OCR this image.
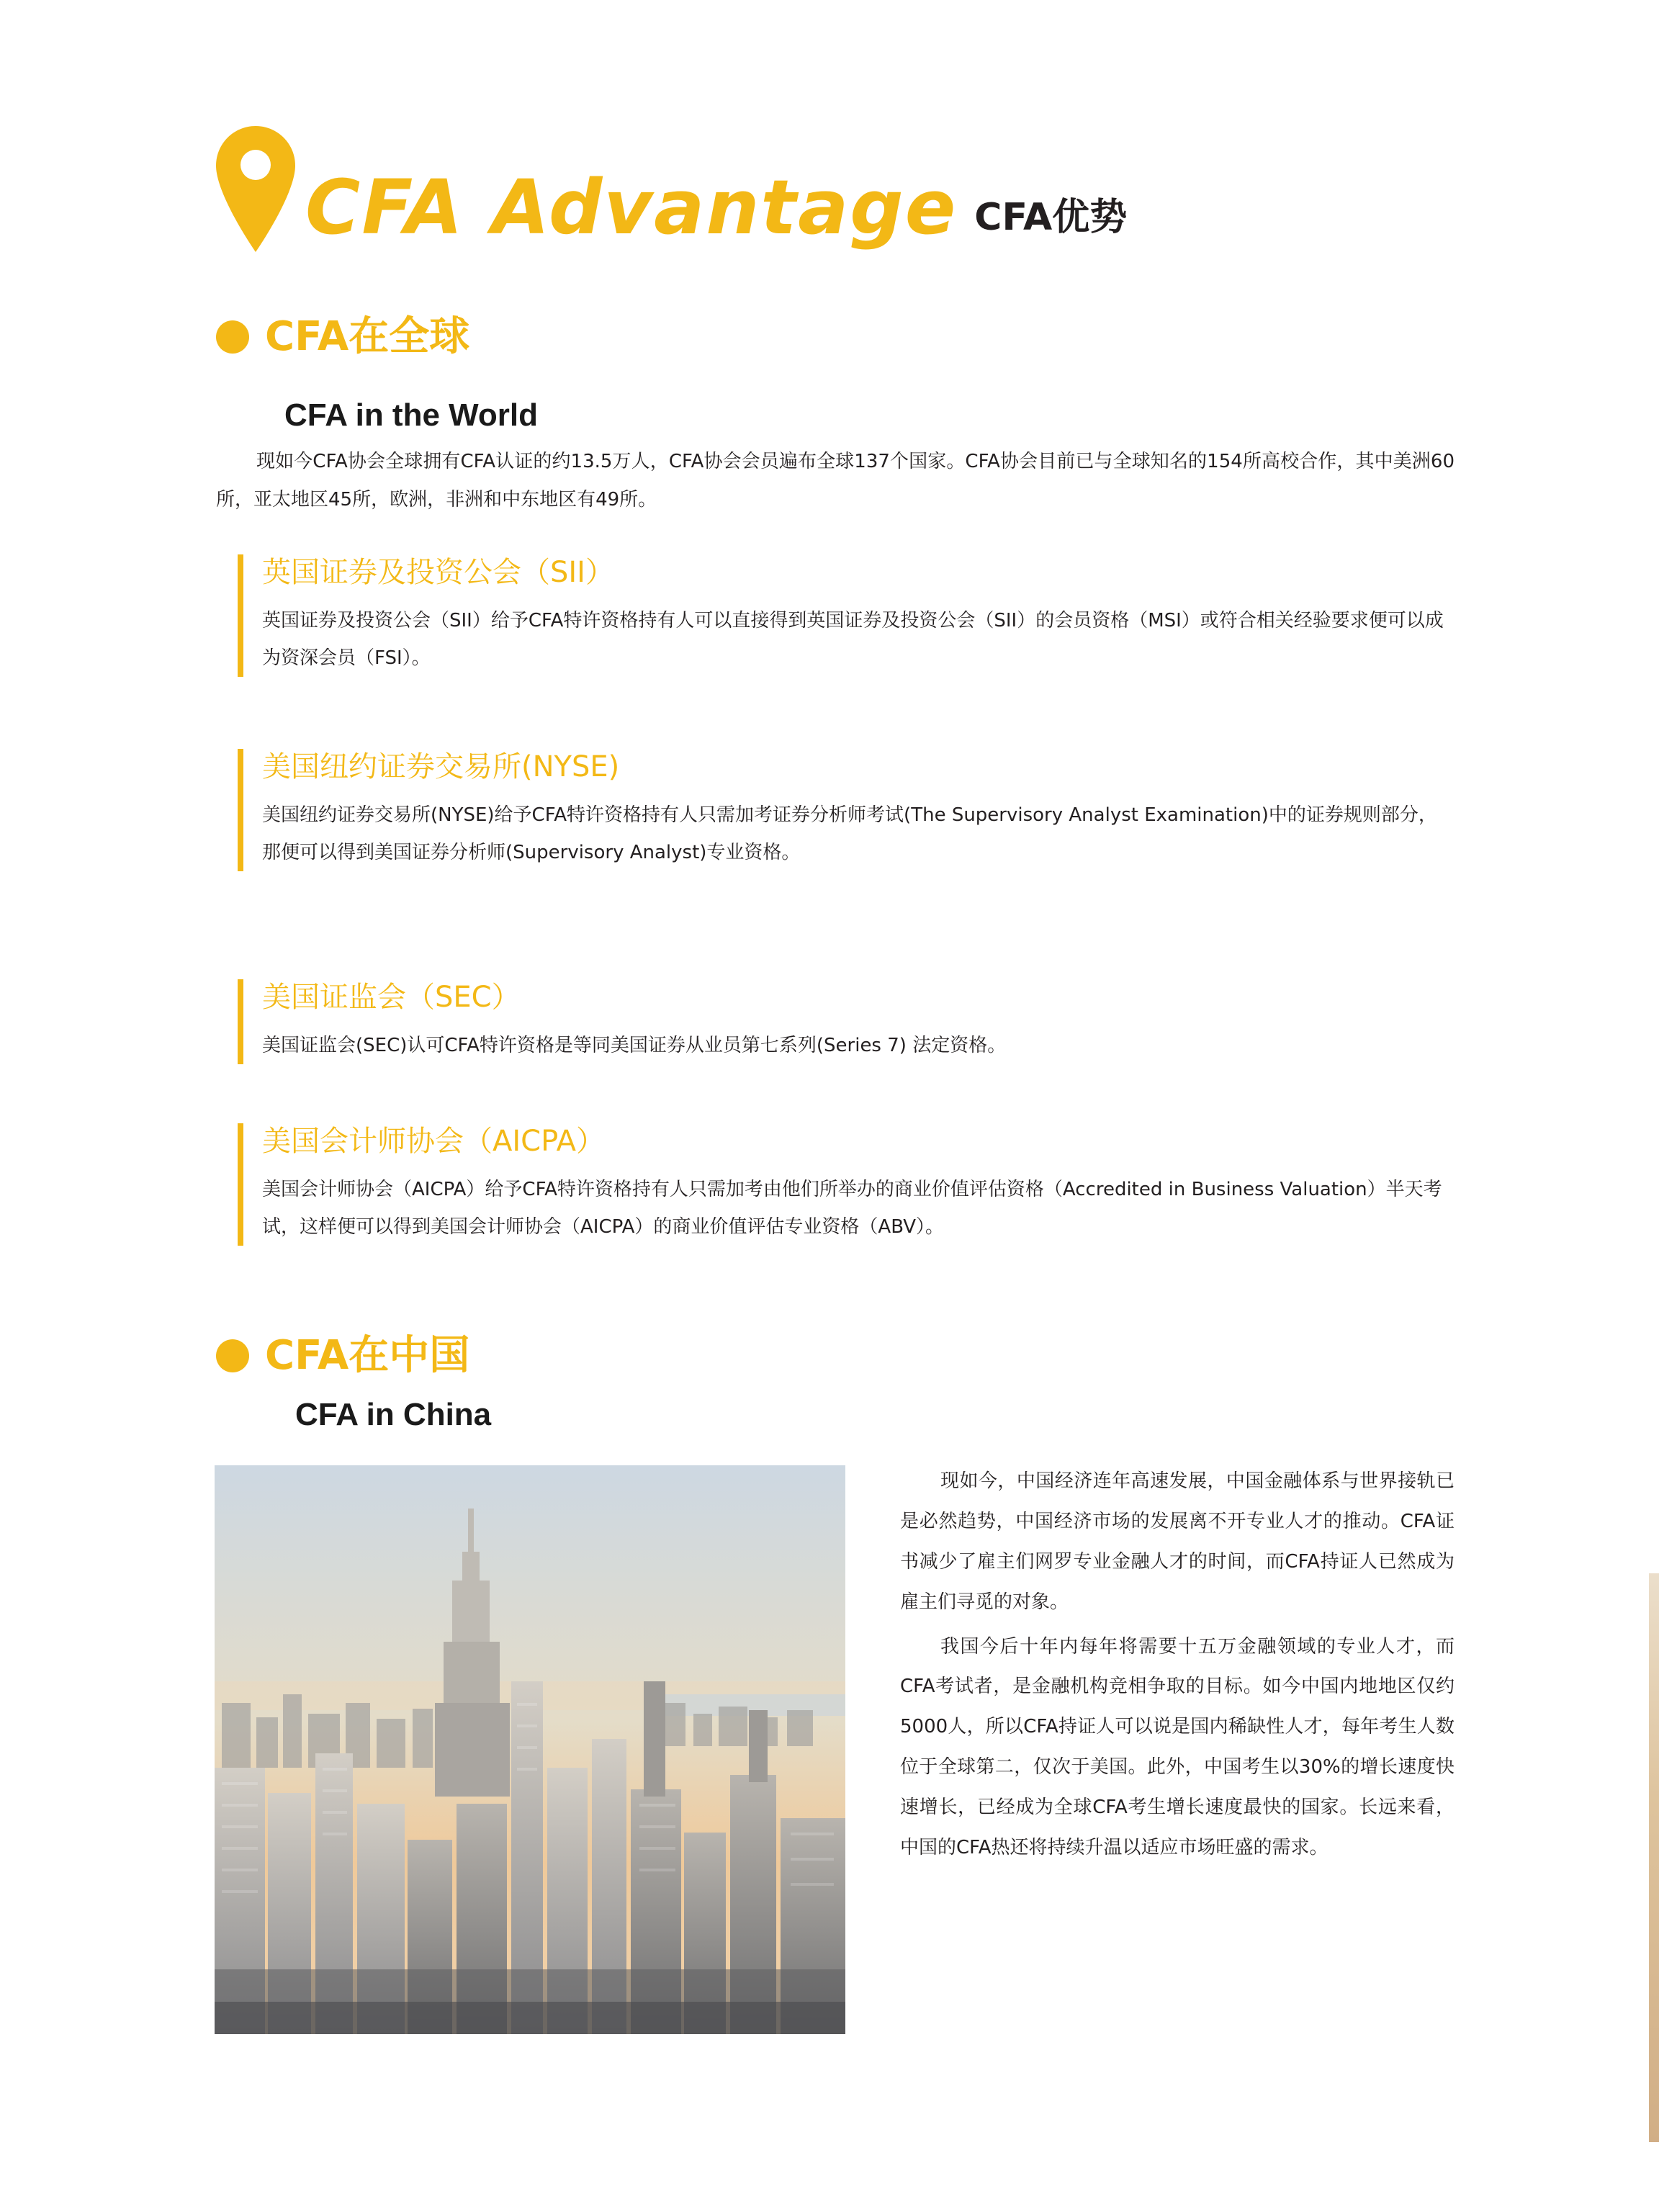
CFA Advantage CFA优势
CFA在全球
CFA in the World
现如今CFA协会全球拥有CFA认证的约13.5万人，CFA协会会员遍布全球137个国家。CFA协会目前已与全球知名的154所高校合作，其中美洲60所，亚太地区45所，欧洲，非洲和中东地区有49所。
英国证券及投资公会（SII）
英国证券及投资公会（SII）给予CFA特许资格持有人可以直接得到英国证券及投资公会（SII）的会员资格（MSI）或符合相关经验要求便可以成为资深会员（FSI）。
美国纽约证券交易所(NYSE)
美国纽约证券交易所(NYSE)给予CFA特许资格持有人只需加考证券分析师考试(The Supervisory Analyst Examination)中的证券规则部分，那便可以得到美国证券分析师(Supervisory Analyst)专业资格。
美国证监会（SEC）
美国证监会(SEC)认可CFA特许资格是等同美国证券从业员第七系列(Series 7) 法定资格。
美国会计师协会（AICPA）
美国会计师协会（AICPA）给予CFA特许资格持有人只需加考由他们所举办的商业价值评估资格（Accredited in Business Valuation）半天考试，这样便可以得到美国会计师协会（AICPA）的商业价值评估专业资格（ABV）。
CFA在中国
CFA in China

现如今，中国经济连年高速发展，中国金融体系与世界接轨已是必然趋势，中国经济市场的发展离不开专业人才的推动。CFA证书减少了雇主们网罗专业金融人才的时间，而CFA持证人已然成为雇主们寻觅的对象。

我国今后十年内每年将需要十五万金融领域的专业人才，而CFA考试者，是金融机构竞相争取的目标。如今中国内地地区仅约5000人，所以CFA持证人可以说是国内稀缺性人才，每年考生人数位于全球第二，仅次于美国。此外，中国考生以30%的增长速度快速增长，已经成为全球CFA考生增长速度最快的国家。长远来看，中国的CFA热还将持续升温以适应市场旺盛的需求。
